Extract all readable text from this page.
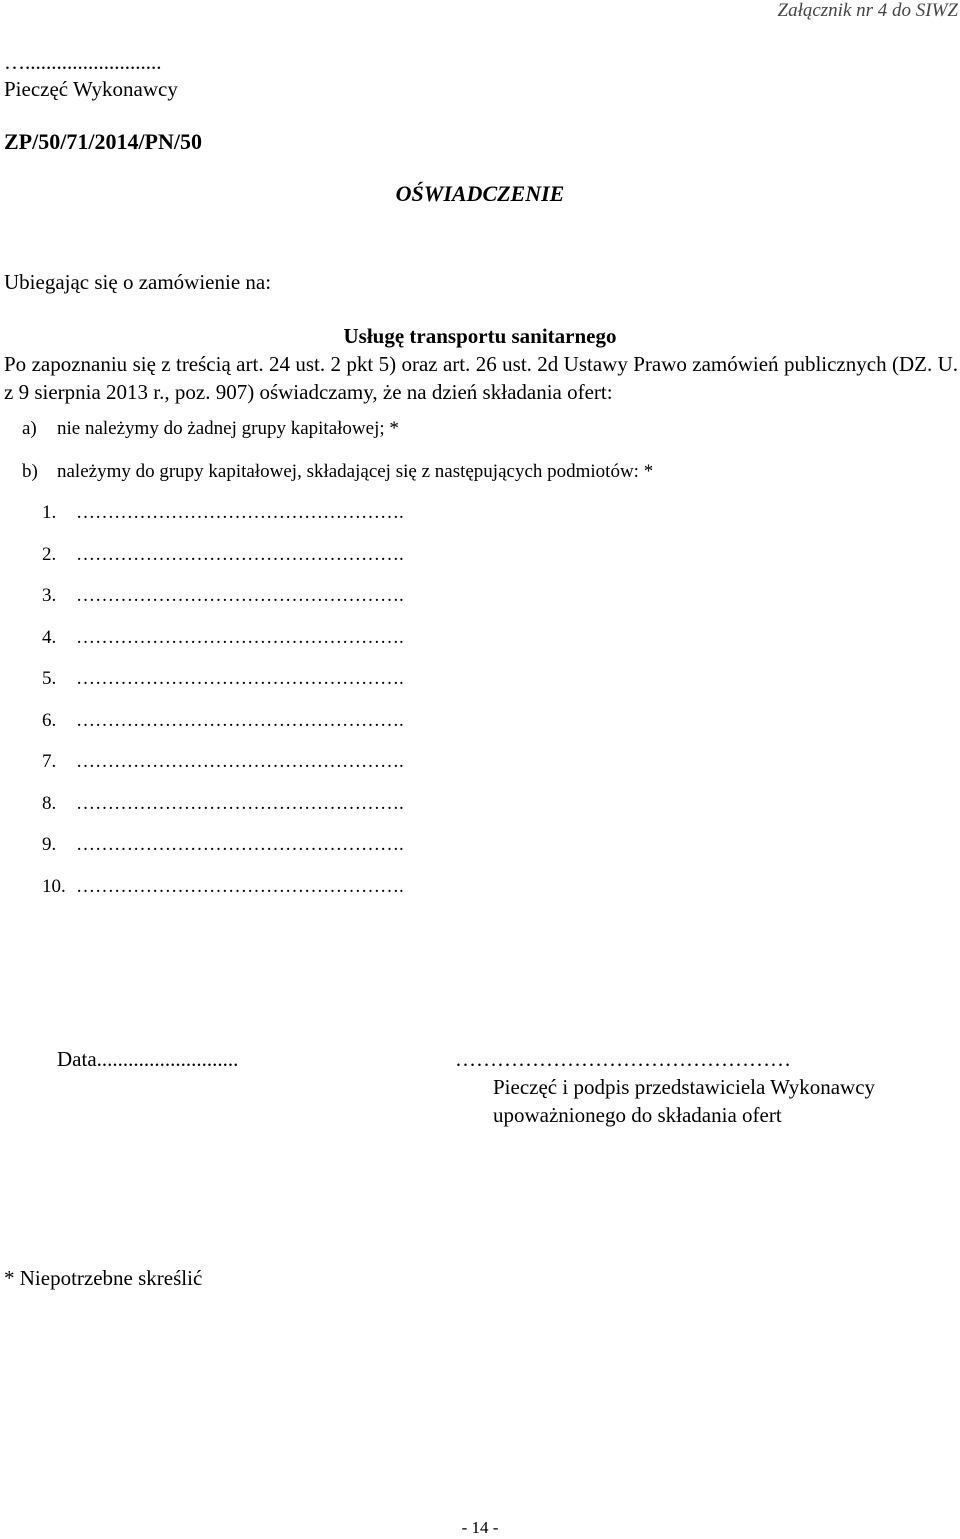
Załącznik nr 4 do SIWZ
…..........................
Pieczęć Wykonawcy
ZP/50/71/2014/PN/50
OŚWIADCZENIE
Ubiegając się o zamówienie na:
Usługę transportu sanitarnego
Po zapoznaniu się z treścią art. 24 ust. 2 pkt 5) oraz art. 26 ust. 2d Ustawy Prawo zamówień publicznych (DZ. U. z 9 sierpnia 2013 r., poz. 907) oświadczamy, że na dzień składania ofert:
a) nie należymy do żadnej grupy kapitałowej; *
b) należymy do grupy kapitałowej, składającej się z następujących podmiotów: *
1. …………………………………………….
2. …………………………………………….
3. …………………………………………….
4. …………………………………………….
5. …………………………………………….
6. …………………………………………….
7. …………………………………………….
8. …………………………………………….
9. …………………………………………….
10. …………………………………………….
Data...........................	…………………………………………
Pieczęć i podpis przedstawiciela Wykonawcy
upoważnionego do składania ofert
* Niepotrzebne skreślić
- 14 -
